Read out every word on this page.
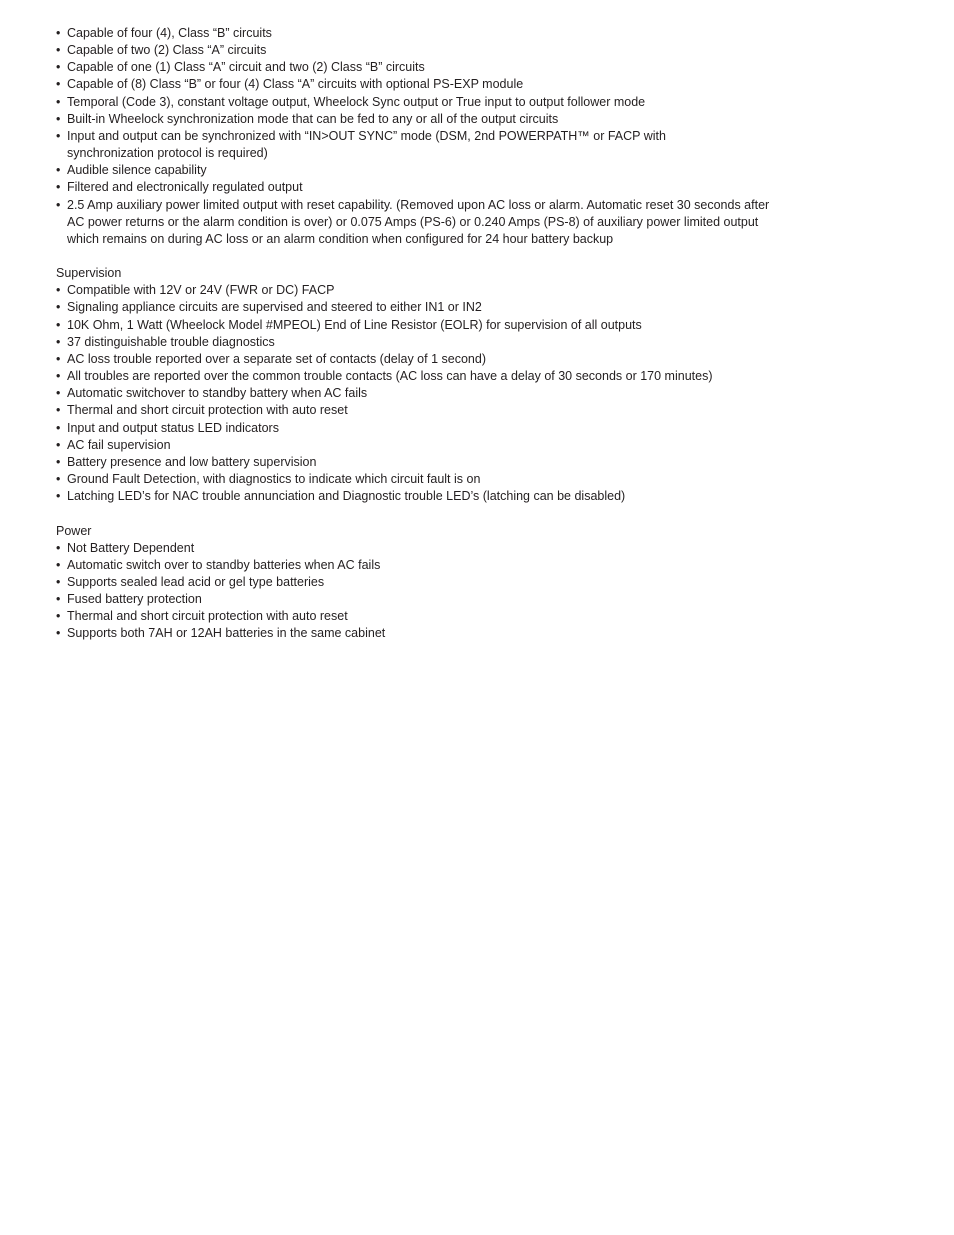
• Capable of four (4), Class “B” circuits
• Capable of two (2) Class “A” circuits
• Capable of one (1) Class “A” circuit and two (2) Class “B” circuits
• Capable of (8) Class “B” or four (4) Class “A” circuits with optional PS-EXP module
• Temporal (Code 3), constant voltage output, Wheelock Sync output or True input to output follower mode
• Built-in Wheelock synchronization mode that can be fed to any or all of the output circuits
• Input and output can be synchronized with “IN>OUT SYNC” mode (DSM, 2nd POWERPATH™ or FACP with
synchronization protocol is required)
• Audible silence capability
• Filtered and electronically regulated output
• 2.5 Amp auxiliary power limited output with reset capability. (Removed upon AC loss or alarm. Automatic reset 30 seconds after
AC power returns or the alarm condition is over) or 0.075 Amps (PS-6) or 0.240 Amps (PS-8) of auxiliary power limited output
which remains on during AC loss or an alarm condition when configured for 24 hour battery backup
Supervision
• Compatible with 12V or 24V (FWR or DC) FACP
• Signaling appliance circuits are supervised and steered to either IN1 or IN2
• 10K Ohm, 1 Watt (Wheelock Model #MPEOL) End of Line Resistor (EOLR) for supervision of all outputs
• 37 distinguishable trouble diagnostics
• AC loss trouble reported over a separate set of contacts (delay of 1 second)
• All troubles are reported over the common trouble contacts (AC loss can have a delay of 30 seconds or 170 minutes)
• Automatic switchover to standby battery when AC fails
• Thermal and short circuit protection with auto reset
• Input and output status LED indicators
• AC fail supervision
• Battery presence and low battery supervision
• Ground Fault Detection, with diagnostics to indicate which circuit fault is on
• Latching LED’s for NAC trouble annunciation and Diagnostic trouble LED’s (latching can be disabled)
Power
• Not Battery Dependent
• Automatic switch over to standby batteries when AC fails
• Supports sealed lead acid or gel type batteries
• Fused battery protection
• Thermal and short circuit protection with auto reset
• Supports both 7AH or 12AH batteries in the same cabinet
